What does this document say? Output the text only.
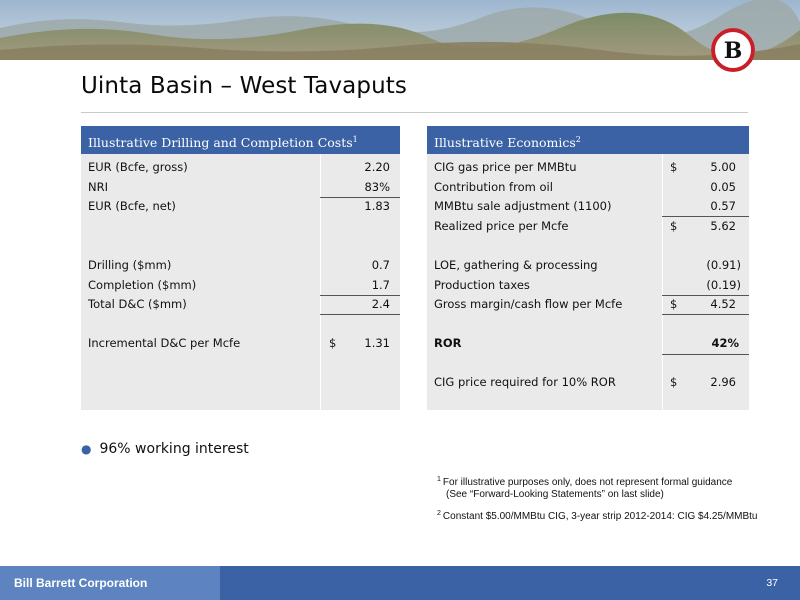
B
Uinta Basin – West Tavaputs
Illustrative Drilling and Completion Costs$^1$
EUR (Bcfe, gross)	2.20
NRI	83%
EUR (Bcfe, net)	1.83
Drilling ($mm)	0.7
Completion ($mm)	1.7
Total D&C ($mm)	2.4
Incremental D&C per Mcfe	$ 1.31
Illustrative Economics$^2$
CIG gas price per MMBtu	$	5.00
Contribution from oil	0.05
MMBtu sale adjustment (1100)	0.57
Realized price per Mcfe	$	5.62
LOE, gathering & processing	(0.91)
Production taxes	(0.19)
Gross margin/cash flow per Mcfe	$	4.52
ROR	42%
CIG price required for 10% ROR	$	2.96
● 96% working interest
$^1$ For illustrative purposes only, does not represent formal guidance
(See “Forward-Looking Statements” on last slide)
$^2$ Constant $5.00/MMBtu CIG, 3-year strip 2012-2014: CIG $4.25/MMBtu
Bill Barrett Corporation	37
